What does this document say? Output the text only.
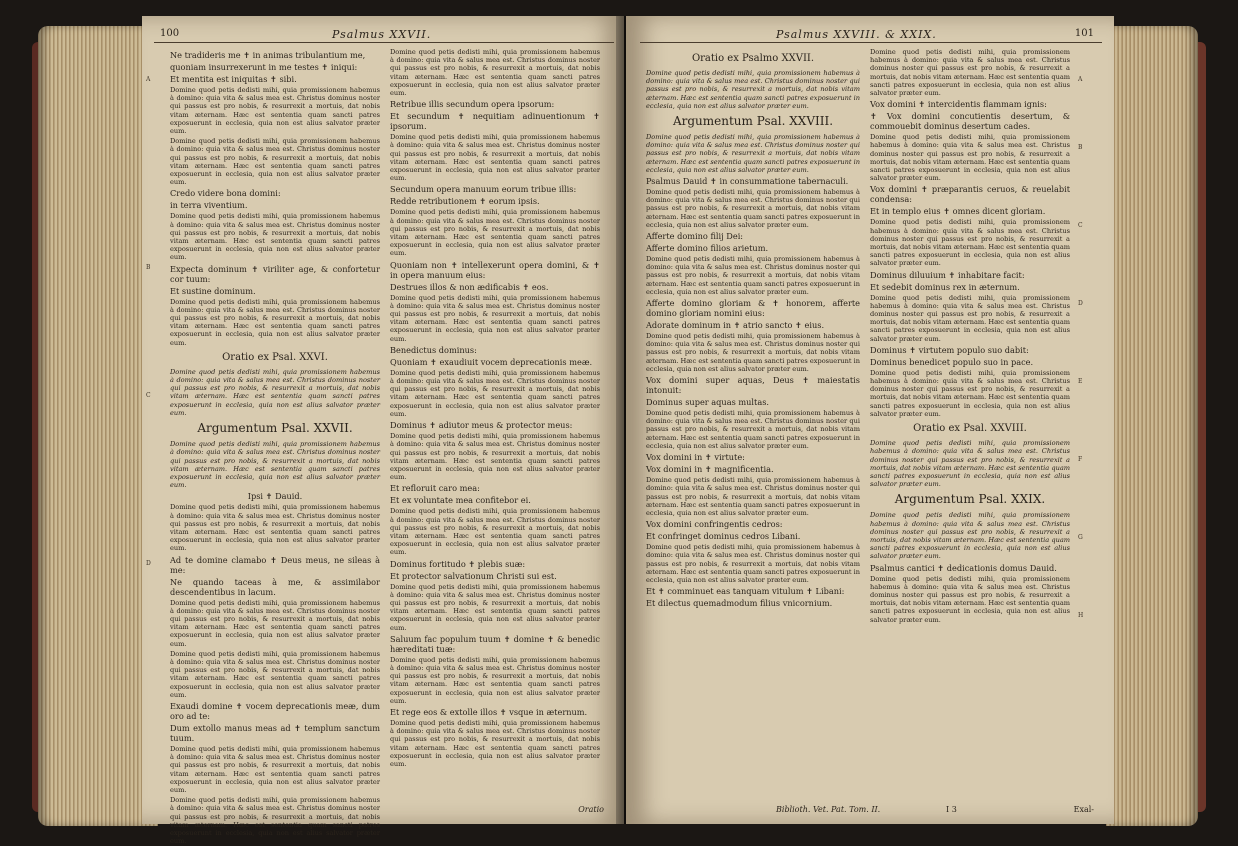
100	Psalmus XXVII.
A
B
C
D

Ne tradideris me ✝ in animas tribulantium me,

quoniam insurrexerunt in me testes ✝ iniqui:

Et mentita est iniquitas ✝ sibi.

Domine quod petis dedisti mihi, quia promissionem habemus à domino: quia vita & salus mea est. Christus dominus noster qui passus est pro nobis, & resurrexit a mortuis, dat nobis vitam æternam. Hæc est sententia quam sancti patres exposuerunt in ecclesia, quia non est alius salvator præter eum.

Domine quod petis dedisti mihi, quia promissionem habemus à domino: quia vita & salus mea est. Christus dominus noster qui passus est pro nobis, & resurrexit a mortuis, dat nobis vitam æternam. Hæc est sententia quam sancti patres exposuerunt in ecclesia, quia non est alius salvator præter eum.

Credo videre bona domini:

in terra viventium.

Domine quod petis dedisti mihi, quia promissionem habemus à domino: quia vita & salus mea est. Christus dominus noster qui passus est pro nobis, & resurrexit a mortuis, dat nobis vitam æternam. Hæc est sententia quam sancti patres exposuerunt in ecclesia, quia non est alius salvator præter eum.

Expecta dominum ✝ viriliter age, & confortetur cor tuum:

Et sustine dominum.

Domine quod petis dedisti mihi, quia promissionem habemus à domino: quia vita & salus mea est. Christus dominus noster qui passus est pro nobis, & resurrexit a mortuis, dat nobis vitam æternam. Hæc est sententia quam sancti patres exposuerunt in ecclesia, quia non est alius salvator præter eum.

Oratio ex Psal. XXVI.

Domine quod petis dedisti mihi, quia promissionem habemus à domino: quia vita & salus mea est. Christus dominus noster qui passus est pro nobis, & resurrexit a mortuis, dat nobis vitam æternam. Hæc est sententia quam sancti patres exposuerunt in ecclesia, quia non est alius salvator præter eum.

Argumentum Psal. XXVII.

Domine quod petis dedisti mihi, quia promissionem habemus à domino: quia vita & salus mea est. Christus dominus noster qui passus est pro nobis, & resurrexit a mortuis, dat nobis vitam æternam. Hæc est sententia quam sancti patres exposuerunt in ecclesia, quia non est alius salvator præter eum.

Ipsi ✝ Dauid.

Domine quod petis dedisti mihi, quia promissionem habemus à domino: quia vita & salus mea est. Christus dominus noster qui passus est pro nobis, & resurrexit a mortuis, dat nobis vitam æternam. Hæc est sententia quam sancti patres exposuerunt in ecclesia, quia non est alius salvator præter eum.

Ad te domine clamabo ✝ Deus meus, ne sileas à me:

Ne quando taceas à me, & assimilabor descendentibus in lacum.

Domine quod petis dedisti mihi, quia promissionem habemus à domino: quia vita & salus mea est. Christus dominus noster qui passus est pro nobis, & resurrexit a mortuis, dat nobis vitam æternam. Hæc est sententia quam sancti patres exposuerunt in ecclesia, quia non est alius salvator præter eum.

Domine quod petis dedisti mihi, quia promissionem habemus à domino: quia vita & salus mea est. Christus dominus noster qui passus est pro nobis, & resurrexit a mortuis, dat nobis vitam æternam. Hæc est sententia quam sancti patres exposuerunt in ecclesia, quia non est alius salvator præter eum.

Exaudi domine ✝ vocem deprecationis meæ, dum oro ad te:

Dum extollo manus meas ad ✝ templum sanctum tuum.

Domine quod petis dedisti mihi, quia promissionem habemus à domino: quia vita & salus mea est. Christus dominus noster qui passus est pro nobis, & resurrexit a mortuis, dat nobis vitam æternam. Hæc est sententia quam sancti patres exposuerunt in ecclesia, quia non est alius salvator præter eum.

Domine quod petis dedisti mihi, quia promissionem habemus à domino: quia vita & salus mea est. Christus dominus noster qui passus est pro nobis, & resurrexit a mortuis, dat nobis vitam æternam. Hæc est sententia quam sancti patres exposuerunt in ecclesia, quia non est alius salvator præter eum.

Domine quod petis dedisti mihi, quia promissionem habemus à domino: quia vita & salus mea est. Christus dominus noster qui passus est pro nobis, & resurrexit a mortuis, dat nobis vitam æternam. Hæc est sententia quam sancti patres exposuerunt in ecclesia, quia non est alius salvator præter eum.

Retribue illis secundum opera ipsorum:

Et secundum ✝ nequitiam adinuentionum ✝ ipsorum.

Domine quod petis dedisti mihi, quia promissionem habemus à domino: quia vita & salus mea est. Christus dominus noster qui passus est pro nobis, & resurrexit a mortuis, dat nobis vitam æternam. Hæc est sententia quam sancti patres exposuerunt in ecclesia, quia non est alius salvator præter eum.

Secundum opera manuum eorum tribue illis:

Redde retributionem ✝ eorum ipsis.

Domine quod petis dedisti mihi, quia promissionem habemus à domino: quia vita & salus mea est. Christus dominus noster qui passus est pro nobis, & resurrexit a mortuis, dat nobis vitam æternam. Hæc est sententia quam sancti patres exposuerunt in ecclesia, quia non est alius salvator præter eum.

Quoniam non ✝ intellexerunt opera domini, & ✝ in opera manuum eius:

Destrues illos & non ædificabis ✝ eos.

Domine quod petis dedisti mihi, quia promissionem habemus à domino: quia vita & salus mea est. Christus dominus noster qui passus est pro nobis, & resurrexit a mortuis, dat nobis vitam æternam. Hæc est sententia quam sancti patres exposuerunt in ecclesia, quia non est alius salvator præter eum.

Benedictus dominus:

Quoniam ✝ exaudiuit vocem deprecationis meæ.

Domine quod petis dedisti mihi, quia promissionem habemus à domino: quia vita & salus mea est. Christus dominus noster qui passus est pro nobis, & resurrexit a mortuis, dat nobis vitam æternam. Hæc est sententia quam sancti patres exposuerunt in ecclesia, quia non est alius salvator præter eum.

Dominus ✝ adiutor meus & protector meus:

Domine quod petis dedisti mihi, quia promissionem habemus à domino: quia vita & salus mea est. Christus dominus noster qui passus est pro nobis, & resurrexit a mortuis, dat nobis vitam æternam. Hæc est sententia quam sancti patres exposuerunt in ecclesia, quia non est alius salvator præter eum.

Et refloruit caro mea:

Et ex voluntate mea confitebor ei.

Domine quod petis dedisti mihi, quia promissionem habemus à domino: quia vita & salus mea est. Christus dominus noster qui passus est pro nobis, & resurrexit a mortuis, dat nobis vitam æternam. Hæc est sententia quam sancti patres exposuerunt in ecclesia, quia non est alius salvator præter eum.

Dominus fortitudo ✝ plebis suæ:

Et protector salvationum Christi sui est.

Domine quod petis dedisti mihi, quia promissionem habemus à domino: quia vita & salus mea est. Christus dominus noster qui passus est pro nobis, & resurrexit a mortuis, dat nobis vitam æternam. Hæc est sententia quam sancti patres exposuerunt in ecclesia, quia non est alius salvator præter eum.

Saluum fac populum tuum ✝ domine ✝ & benedic hæreditati tuæ:

Domine quod petis dedisti mihi, quia promissionem habemus à domino: quia vita & salus mea est. Christus dominus noster qui passus est pro nobis, & resurrexit a mortuis, dat nobis vitam æternam. Hæc est sententia quam sancti patres exposuerunt in ecclesia, quia non est alius salvator præter eum.

Et rege eos & extolle illos ✝ vsque in æternum.

Domine quod petis dedisti mihi, quia promissionem habemus à domino: quia vita & salus mea est. Christus dominus noster qui passus est pro nobis, & resurrexit a mortuis, dat nobis vitam æternam. Hæc est sententia quam sancti patres exposuerunt in ecclesia, quia non est alius salvator præter eum.

Oratio
Psalmus XXVIII. & XXIX.	101
Oratio ex Psalmo XXVII.

Domine quod petis dedisti mihi, quia promissionem habemus à domino: quia vita & salus mea est. Christus dominus noster qui passus est pro nobis, & resurrexit a mortuis, dat nobis vitam æternam. Hæc est sententia quam sancti patres exposuerunt in ecclesia, quia non est alius salvator præter eum.

Argumentum Psal. XXVIII.

Domine quod petis dedisti mihi, quia promissionem habemus à domino: quia vita & salus mea est. Christus dominus noster qui passus est pro nobis, & resurrexit a mortuis, dat nobis vitam æternam. Hæc est sententia quam sancti patres exposuerunt in ecclesia, quia non est alius salvator præter eum.

Psalmus Dauid ✝ in consummatione tabernaculi.

Domine quod petis dedisti mihi, quia promissionem habemus à domino: quia vita & salus mea est. Christus dominus noster qui passus est pro nobis, & resurrexit a mortuis, dat nobis vitam æternam. Hæc est sententia quam sancti patres exposuerunt in ecclesia, quia non est alius salvator præter eum.

Afferte domino filij Dei:

Afferte domino filios arietum.

Domine quod petis dedisti mihi, quia promissionem habemus à domino: quia vita & salus mea est. Christus dominus noster qui passus est pro nobis, & resurrexit a mortuis, dat nobis vitam æternam. Hæc est sententia quam sancti patres exposuerunt in ecclesia, quia non est alius salvator præter eum.

Afferte domino gloriam & ✝ honorem, afferte domino gloriam nomini eius:

Adorate dominum in ✝ atrio sancto ✝ eius.

Domine quod petis dedisti mihi, quia promissionem habemus à domino: quia vita & salus mea est. Christus dominus noster qui passus est pro nobis, & resurrexit a mortuis, dat nobis vitam æternam. Hæc est sententia quam sancti patres exposuerunt in ecclesia, quia non est alius salvator præter eum.

Vox domini super aquas, Deus ✝ maiestatis intonuit:

Dominus super aquas multas.

Domine quod petis dedisti mihi, quia promissionem habemus à domino: quia vita & salus mea est. Christus dominus noster qui passus est pro nobis, & resurrexit a mortuis, dat nobis vitam æternam. Hæc est sententia quam sancti patres exposuerunt in ecclesia, quia non est alius salvator præter eum.

Vox domini in ✝ virtute:

Vox domini in ✝ magnificentia.

Domine quod petis dedisti mihi, quia promissionem habemus à domino: quia vita & salus mea est. Christus dominus noster qui passus est pro nobis, & resurrexit a mortuis, dat nobis vitam æternam. Hæc est sententia quam sancti patres exposuerunt in ecclesia, quia non est alius salvator præter eum.

Vox domini confringentis cedros:

Et confringet dominus cedros Libani.

Domine quod petis dedisti mihi, quia promissionem habemus à domino: quia vita & salus mea est. Christus dominus noster qui passus est pro nobis, & resurrexit a mortuis, dat nobis vitam æternam. Hæc est sententia quam sancti patres exposuerunt in ecclesia, quia non est alius salvator præter eum.

Et ✝ comminuet eas tanquam vitulum ✝ Libani:

Et dilectus quemadmodum filius vnicornium.

Domine quod petis dedisti mihi, quia promissionem habemus à domino: quia vita & salus mea est. Christus dominus noster qui passus est pro nobis, & resurrexit a mortuis, dat nobis vitam æternam. Hæc est sententia quam sancti patres exposuerunt in ecclesia, quia non est alius salvator præter eum.

Vox domini ✝ intercidentis flammam ignis:

✝ Vox domini concutientis desertum, & commouebit dominus desertum cades.

Domine quod petis dedisti mihi, quia promissionem habemus à domino: quia vita & salus mea est. Christus dominus noster qui passus est pro nobis, & resurrexit a mortuis, dat nobis vitam æternam. Hæc est sententia quam sancti patres exposuerunt in ecclesia, quia non est alius salvator præter eum.

Vox domini ✝ præparantis ceruos, & reuelabit condensa:

Et in templo eius ✝ omnes dicent gloriam.

Domine quod petis dedisti mihi, quia promissionem habemus à domino: quia vita & salus mea est. Christus dominus noster qui passus est pro nobis, & resurrexit a mortuis, dat nobis vitam æternam. Hæc est sententia quam sancti patres exposuerunt in ecclesia, quia non est alius salvator præter eum.

Dominus diluuium ✝ inhabitare facit:

Et sedebit dominus rex in æternum.

Domine quod petis dedisti mihi, quia promissionem habemus à domino: quia vita & salus mea est. Christus dominus noster qui passus est pro nobis, & resurrexit a mortuis, dat nobis vitam æternam. Hæc est sententia quam sancti patres exposuerunt in ecclesia, quia non est alius salvator præter eum.

Dominus ✝ virtutem populo suo dabit:

Dominus benedicet populo suo in pace.

Domine quod petis dedisti mihi, quia promissionem habemus à domino: quia vita & salus mea est. Christus dominus noster qui passus est pro nobis, & resurrexit a mortuis, dat nobis vitam æternam. Hæc est sententia quam sancti patres exposuerunt in ecclesia, quia non est alius salvator præter eum.

Oratio ex Psal. XXVIII.

Domine quod petis dedisti mihi, quia promissionem habemus à domino: quia vita & salus mea est. Christus dominus noster qui passus est pro nobis, & resurrexit a mortuis, dat nobis vitam æternam. Hæc est sententia quam sancti patres exposuerunt in ecclesia, quia non est alius salvator præter eum.

Argumentum Psal. XXIX.

Domine quod petis dedisti mihi, quia promissionem habemus à domino: quia vita & salus mea est. Christus dominus noster qui passus est pro nobis, & resurrexit a mortuis, dat nobis vitam æternam. Hæc est sententia quam sancti patres exposuerunt in ecclesia, quia non est alius salvator præter eum.

Psalmus cantici ✝ dedicationis domus Dauid.

Domine quod petis dedisti mihi, quia promissionem habemus à domino: quia vita & salus mea est. Christus dominus noster qui passus est pro nobis, & resurrexit a mortuis, dat nobis vitam æternam. Hæc est sententia quam sancti patres exposuerunt in ecclesia, quia non est alius salvator præter eum.

A
B
C
D
E
F
G
H
Biblioth. Vet. Pat. Tom. II.	I 3	Exal-
